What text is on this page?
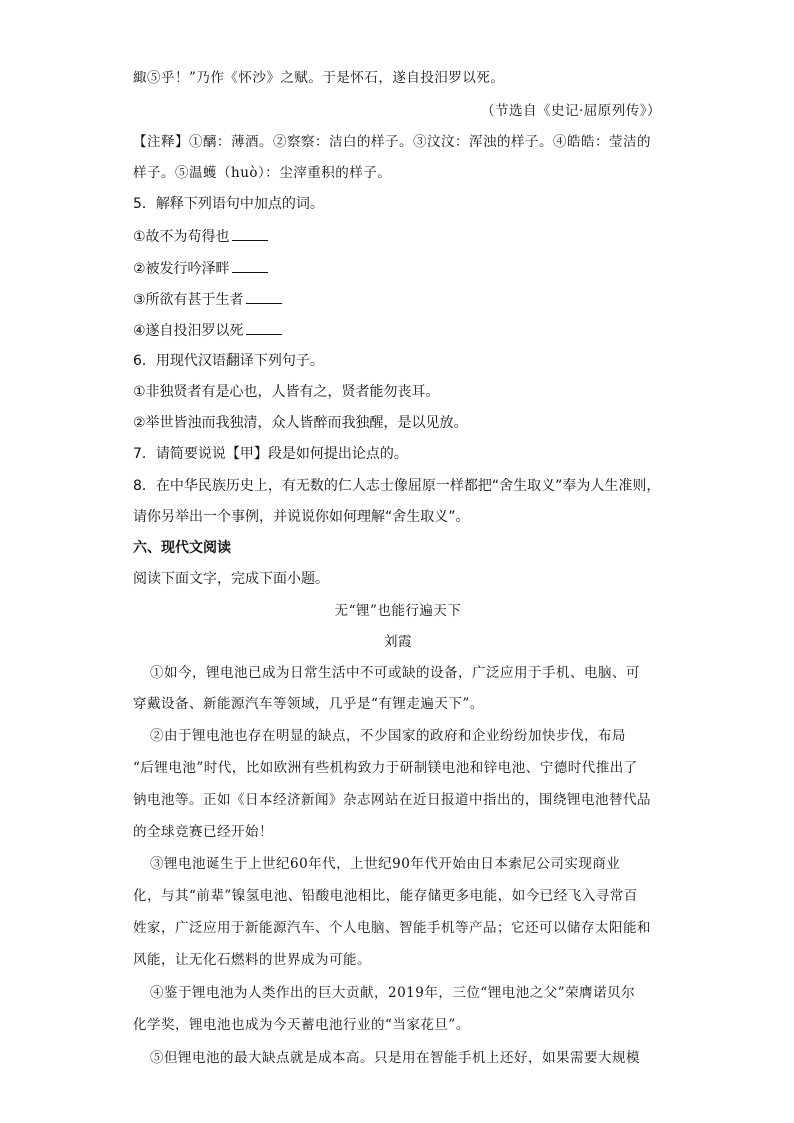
緅⑤乎！”乃作《怀沙》之赋。于是怀石，遂自投汨罗以死。
（节选自《史记·屈原列传》）
【注释】①醨：薄酒。②察察：洁白的样子。③汶汶：浑浊的样子。④皓皓：莹洁的
样子。⑤温蠖（huò）：尘滓重积的样子。
5．解释下列语句中加点的词。
①故不为苟得也
②被发行吟泽畔
③所欲有甚于生者
④遂自投汨罗以死
6．用现代汉语翻译下列句子。
①非独贤者有是心也，人皆有之，贤者能勿丧耳。
②举世皆浊而我独清，众人皆醉而我独醒，是以见放。
7．请简要说说【甲】段是如何提出论点的。
8．在中华民族历史上，有无数的仁人志士像屈原一样都把“舍生取义”奉为人生准则，
请你另举出一个事例，并说说你如何理解“舍生取义”。
六、现代文阅读
阅读下面文字，完成下面小题。
无“锂”也能行遍天下
刘霞
①如今，锂电池已成为日常生活中不可或缺的设备，广泛应用于手机、电脑、可
穿戴设备、新能源汽车等领域，几乎是“有锂走遍天下”。
②由于锂电池也存在明显的缺点，不少国家的政府和企业纷纷加快步伐，布局
“后锂电池”时代，比如欧洲有些机构致力于研制镁电池和锌电池、宁德时代推出了
钠电池等。正如《日本经济新闻》杂志网站在近日报道中指出的，围绕锂电池替代品
的全球竞赛已经开始！
③锂电池诞生于上世纪60年代，上世纪90年代开始由日本索尼公司实现商业
化，与其“前辈”镍氢电池、铅酸电池相比，能存储更多电能，如今已经飞入寻常百
姓家，广泛应用于新能源汽车、个人电脑、智能手机等产品；它还可以储存太阳能和
风能，让无化石燃料的世界成为可能。
④鉴于锂电池为人类作出的巨大贡献，2019年，三位“锂电池之父”荣膺诺贝尔
化学奖，锂电池也成为今天蓄电池行业的“当家花旦”。
⑤但锂电池的最大缺点就是成本高。只是用在智能手机上还好，如果需要大规模
